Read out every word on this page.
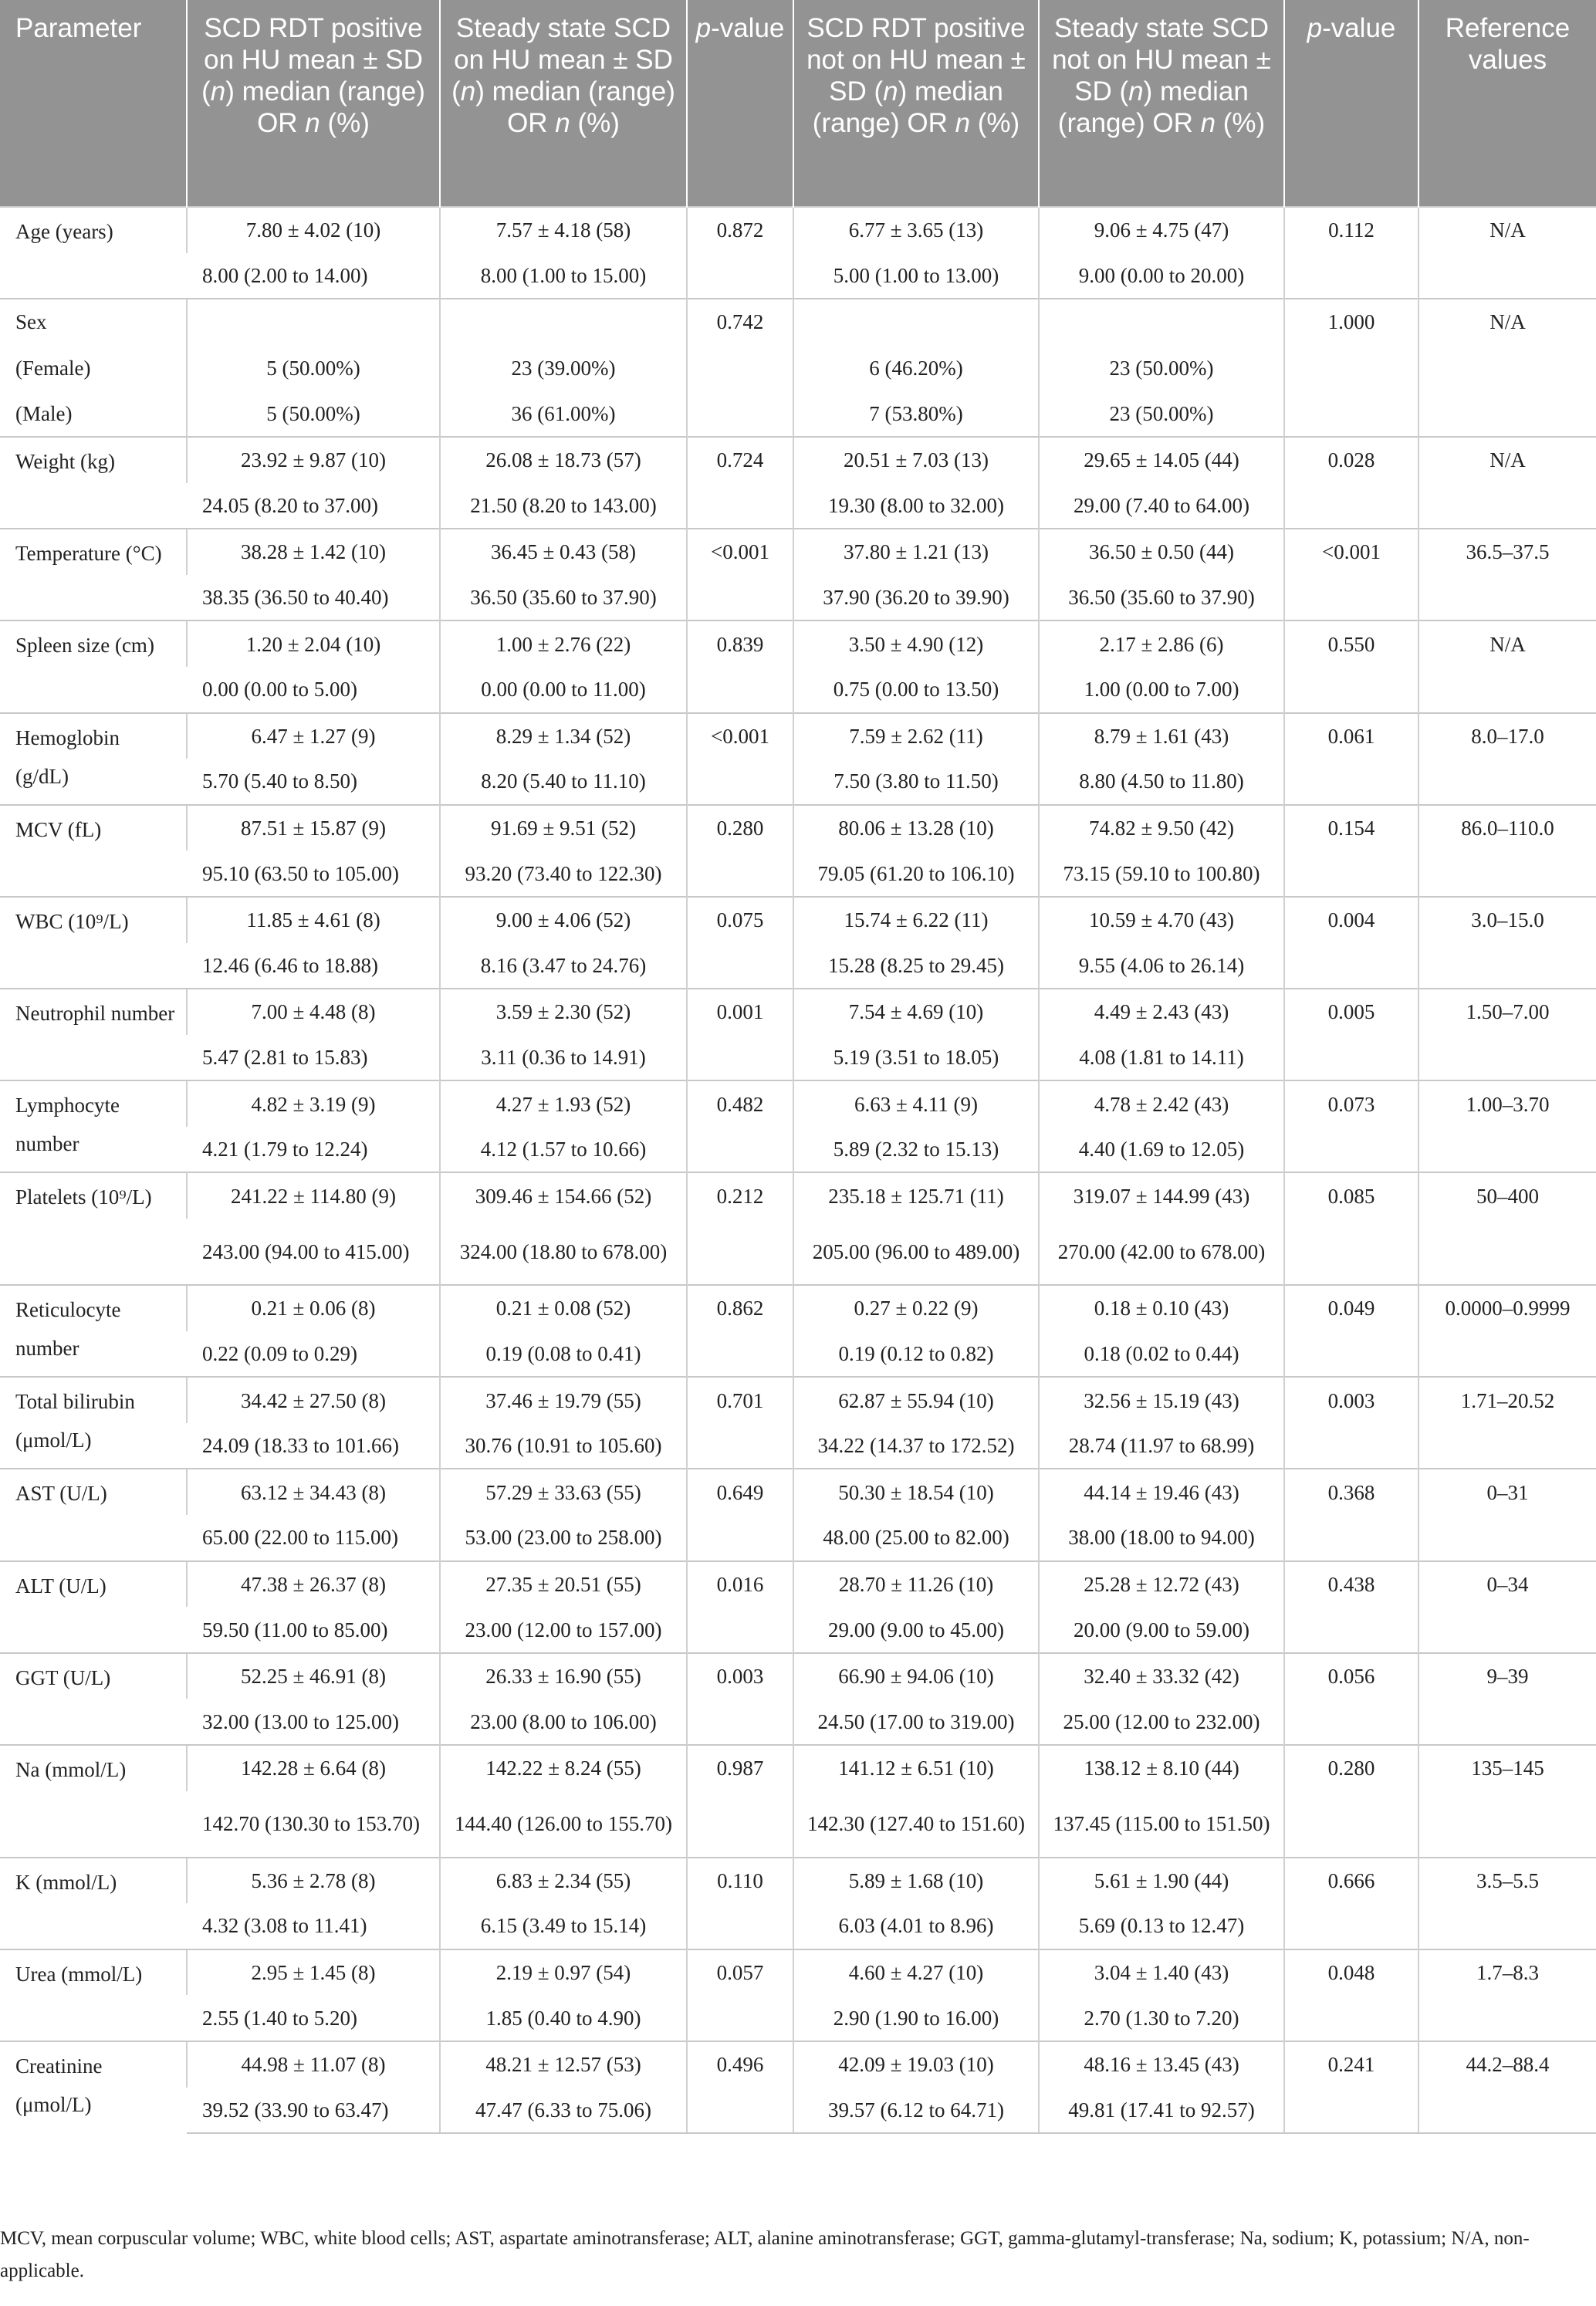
Parameter	SCD RDT positive on HU mean ± SD (n) median (range) OR n (%)	Steady state SCD on HU mean ± SD (n) median (range) OR n (%)	p-value	SCD RDT positive not on HU mean ± SD (n) median (range) OR n (%)	Steady state SCD not on HU mean ± SD (n) median (range) OR n (%)	p-value	Reference values
Age (years)	7.80 ± 4.02 (10)	7.57 ± 4.18 (58)	0.872	6.77 ± 3.65 (13)	9.06 ± 4.75 (47)	0.112	N/A
	8.00 (2.00 to 14.00)	8.00 (1.00 to 15.00)		5.00 (1.00 to 13.00)	9.00 (0.00 to 20.00)		
Sex			0.742			1.000	N/A
(Female)	5 (50.00%)	23 (39.00%)		6 (46.20%)	23 (50.00%)		
(Male)	5 (50.00%)	36 (61.00%)		7 (53.80%)	23 (50.00%)		
Weight (kg)	23.92 ± 9.87 (10)	26.08 ± 18.73 (57)	0.724	20.51 ± 7.03 (13)	29.65 ± 14.05 (44)	0.028	N/A
	24.05 (8.20 to 37.00)	21.50 (8.20 to 143.00)		19.30 (8.00 to 32.00)	29.00 (7.40 to 64.00)		
Temperature (°C)	38.28 ± 1.42 (10)	36.45 ± 0.43 (58)	<0.001	37.80 ± 1.21 (13)	36.50 ± 0.50 (44)	<0.001	36.5–37.5
	38.35 (36.50 to 40.40)	36.50 (35.60 to 37.90)		37.90 (36.20 to 39.90)	36.50 (35.60 to 37.90)		
Spleen size (cm)	1.20 ± 2.04 (10)	1.00 ± 2.76 (22)	0.839	3.50 ± 4.90 (12)	2.17 ± 2.86 (6)	0.550	N/A
	0.00 (0.00 to 5.00)	0.00 (0.00 to 11.00)		0.75 (0.00 to 13.50)	1.00 (0.00 to 7.00)		
Hemoglobin (g/dL)	6.47 ± 1.27 (9)	8.29 ± 1.34 (52)	<0.001	7.59 ± 2.62 (11)	8.79 ± 1.61 (43)	0.061	8.0–17.0
	5.70 (5.40 to 8.50)	8.20 (5.40 to 11.10)		7.50 (3.80 to 11.50)	8.80 (4.50 to 11.80)		
MCV (fL)	87.51 ± 15.87 (9)	91.69 ± 9.51 (52)	0.280	80.06 ± 13.28 (10)	74.82 ± 9.50 (42)	0.154	86.0–110.0
	95.10 (63.50 to 105.00)	93.20 (73.40 to 122.30)		79.05 (61.20 to 106.10)	73.15 (59.10 to 100.80)		
WBC (10⁹/L)	11.85 ± 4.61 (8)	9.00 ± 4.06 (52)	0.075	15.74 ± 6.22 (11)	10.59 ± 4.70 (43)	0.004	3.0–15.0
	12.46 (6.46 to 18.88)	8.16 (3.47 to 24.76)		15.28 (8.25 to 29.45)	9.55 (4.06 to 26.14)		
Neutrophil number	7.00 ± 4.48 (8)	3.59 ± 2.30 (52)	0.001	7.54 ± 4.69 (10)	4.49 ± 2.43 (43)	0.005	1.50–7.00
	5.47 (2.81 to 15.83)	3.11 (0.36 to 14.91)		5.19 (3.51 to 18.05)	4.08 (1.81 to 14.11)		
Lymphocyte number	4.82 ± 3.19 (9)	4.27 ± 1.93 (52)	0.482	6.63 ± 4.11 (9)	4.78 ± 2.42 (43)	0.073	1.00–3.70
	4.21 (1.79 to 12.24)	4.12 (1.57 to 10.66)		5.89 (2.32 to 15.13)	4.40 (1.69 to 12.05)		
Platelets (10⁹/L)	241.22 ± 114.80 (9)	309.46 ± 154.66 (52)	0.212	235.18 ± 125.71 (11)	319.07 ± 144.99 (43)	0.085	50–400
	243.00 (94.00 to 415.00)	324.00 (18.80 to 678.00)		205.00 (96.00 to 489.00)	270.00 (42.00 to 678.00)		
Reticulocyte number	0.21 ± 0.06 (8)	0.21 ± 0.08 (52)	0.862	0.27 ± 0.22 (9)	0.18 ± 0.10 (43)	0.049	0.0000–0.9999
	0.22 (0.09 to 0.29)	0.19 (0.08 to 0.41)		0.19 (0.12 to 0.82)	0.18 (0.02 to 0.44)		
Total bilirubin (μmol/L)	34.42 ± 27.50 (8)	37.46 ± 19.79 (55)	0.701	62.87 ± 55.94 (10)	32.56 ± 15.19 (43)	0.003	1.71–20.52
	24.09 (18.33 to 101.66)	30.76 (10.91 to 105.60)		34.22 (14.37 to 172.52)	28.74 (11.97 to 68.99)		
AST (U/L)	63.12 ± 34.43 (8)	57.29 ± 33.63 (55)	0.649	50.30 ± 18.54 (10)	44.14 ± 19.46 (43)	0.368	0–31
	65.00 (22.00 to 115.00)	53.00 (23.00 to 258.00)		48.00 (25.00 to 82.00)	38.00 (18.00 to 94.00)		
ALT (U/L)	47.38 ± 26.37 (8)	27.35 ± 20.51 (55)	0.016	28.70 ± 11.26 (10)	25.28 ± 12.72 (43)	0.438	0–34
	59.50 (11.00 to 85.00)	23.00 (12.00 to 157.00)		29.00 (9.00 to 45.00)	20.00 (9.00 to 59.00)		
GGT (U/L)	52.25 ± 46.91 (8)	26.33 ± 16.90 (55)	0.003	66.90 ± 94.06 (10)	32.40 ± 33.32 (42)	0.056	9–39
	32.00 (13.00 to 125.00)	23.00 (8.00 to 106.00)		24.50 (17.00 to 319.00)	25.00 (12.00 to 232.00)		
Na (mmol/L)	142.28 ± 6.64 (8)	142.22 ± 8.24 (55)	0.987	141.12 ± 6.51 (10)	138.12 ± 8.10 (44)	0.280	135–145
	142.70 (130.30 to 153.70)	144.40 (126.00 to 155.70)		142.30 (127.40 to 151.60)	137.45 (115.00 to 151.50)		
K (mmol/L)	5.36 ± 2.78 (8)	6.83 ± 2.34 (55)	0.110	5.89 ± 1.68 (10)	5.61 ± 1.90 (44)	0.666	3.5–5.5
	4.32 (3.08 to 11.41)	6.15 (3.49 to 15.14)		6.03 (4.01 to 8.96)	5.69 (0.13 to 12.47)		
Urea (mmol/L)	2.95 ± 1.45 (8)	2.19 ± 0.97 (54)	0.057	4.60 ± 4.27 (10)	3.04 ± 1.40 (43)	0.048	1.7–8.3
	2.55 (1.40 to 5.20)	1.85 (0.40 to 4.90)		2.90 (1.90 to 16.00)	2.70 (1.30 to 7.20)		
Creatinine (μmol/L)	44.98 ± 11.07 (8)	48.21 ± 12.57 (53)	0.496	42.09 ± 19.03 (10)	48.16 ± 13.45 (43)	0.241	44.2–88.4
	39.52 (33.90 to 63.47)	47.47 (6.33 to 75.06)		39.57 (6.12 to 64.71)	49.81 (17.41 to 92.57)		
MCV, mean corpuscular volume; WBC, white blood cells; AST, aspartate aminotransferase; ALT, alanine aminotransferase; GGT, gamma-glutamyl-transferase; Na, sodium; K, potassium; N/A, non-applicable.
